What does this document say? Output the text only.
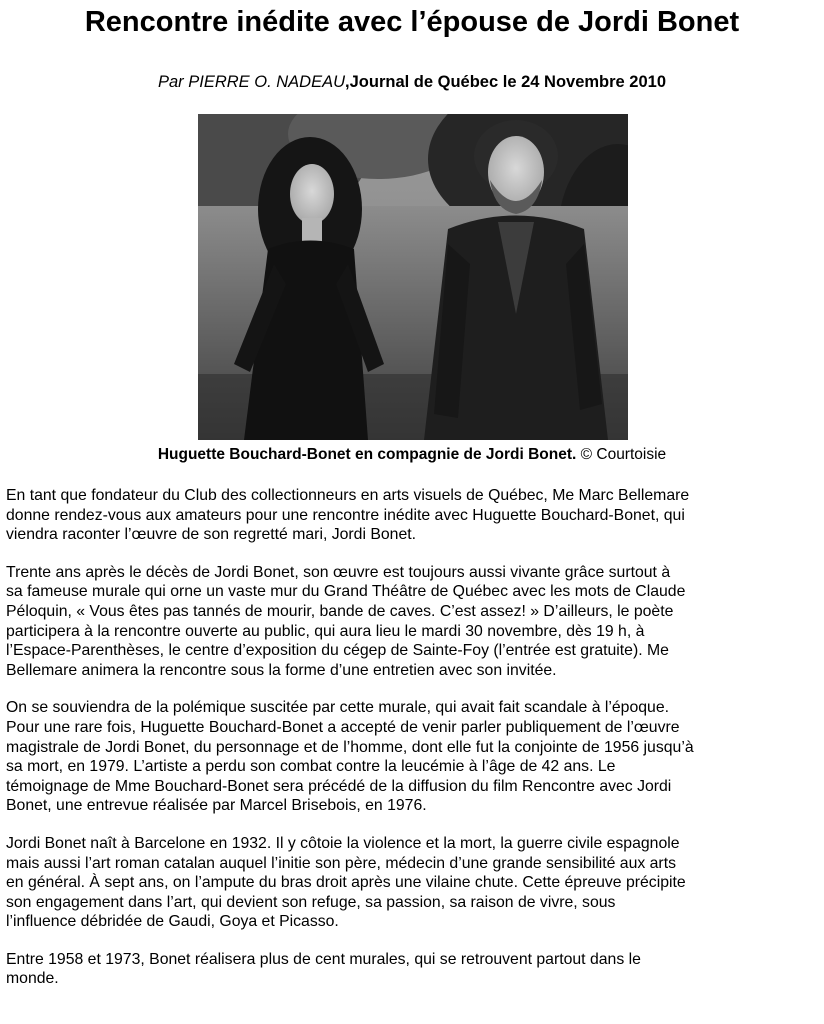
Rencontre inédite avec l’épouse de Jordi Bonet
Par PIERRE O. NADEAU,Journal de Québec le 24 Novembre 2010
Huguette Bouchard-Bonet en compagnie de Jordi Bonet. © Courtoisie

En tant que fondateur du Club des collectionneurs en arts visuels de Québec, Me Marc Bellemare
donne rendez-vous aux amateurs pour une rencontre inédite avec Huguette Bouchard-Bonet, qui
viendra raconter l’œuvre de son regretté mari, Jordi Bonet.

Trente ans après le décès de Jordi Bonet, son œuvre est toujours aussi vivante grâce surtout à
sa fameuse murale qui orne un vaste mur du Grand Théâtre de Québec avec les mots de Claude
Péloquin, « Vous êtes pas tannés de mourir, bande de caves. C’est assez! » D’ailleurs, le poète
participera à la rencontre ouverte au public, qui aura lieu le mardi 30 novembre, dès 19 h, à
l’Espace-Parenthèses, le centre d’exposition du cégep de Sainte-Foy (l’entrée est gratuite). Me
Bellemare animera la rencontre sous la forme d’une entretien avec son invitée.

On se souviendra de la polémique suscitée par cette murale, qui avait fait scandale à l’époque.
Pour une rare fois, Huguette Bouchard-Bonet a accepté de venir parler publiquement de l’œuvre
magistrale de Jordi Bonet, du personnage et de l’homme, dont elle fut la conjointe de 1956 jusqu’à
sa mort, en 1979. L’artiste a perdu son combat contre la leucémie à l’âge de 42 ans. Le
témoignage de Mme Bouchard-Bonet sera précédé de la diffusion du film Rencontre avec Jordi
Bonet, une entrevue réalisée par Marcel Brisebois, en 1976.

Jordi Bonet naît à Barcelone en 1932. Il y côtoie la violence et la mort, la guerre civile espagnole
mais aussi l’art roman catalan auquel l’initie son père, médecin d’une grande sensibilité aux arts
en général. À sept ans, on l’ampute du bras droit après une vilaine chute. Cette épreuve précipite
son engagement dans l’art, qui devient son refuge, sa passion, sa raison de vivre, sous
l’influence débridée de Gaudi, Goya et Picasso.

Entre 1958 et 1973, Bonet réalisera plus de cent murales, qui se retrouvent partout dans le
monde.
